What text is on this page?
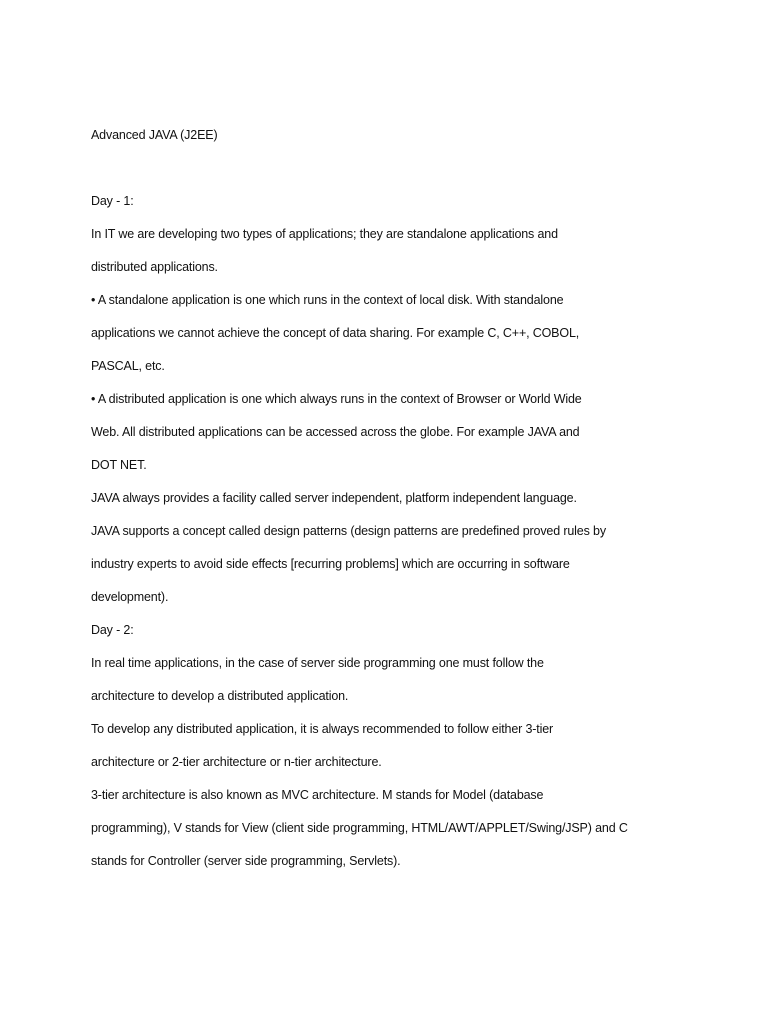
Advanced JAVA (J2EE)

Day - 1:

In IT we are developing two types of applications; they are standalone applications and

distributed applications.

• A standalone application is one which runs in the context of local disk. With standalone

applications we cannot achieve the concept of data sharing. For example C, C++, COBOL,

PASCAL, etc.

• A distributed application is one which always runs in the context of Browser or World Wide

Web. All distributed applications can be accessed across the globe. For example JAVA and

DOT NET.

JAVA always provides a facility called server independent, platform independent language.

JAVA supports a concept called design patterns (design patterns are predefined proved rules by

industry experts to avoid side effects [recurring problems] which are occurring in software

development).

Day - 2:

In real time applications, in the case of server side programming one must follow the

architecture to develop a distributed application.

To develop any distributed application, it is always recommended to follow either 3-tier

architecture or 2-tier architecture or n-tier architecture.

3-tier architecture is also known as MVC architecture. M stands for Model (database

programming), V stands for View (client side programming, HTML/AWT/APPLET/Swing/JSP) and C

stands for Controller (server side programming, Servlets).
